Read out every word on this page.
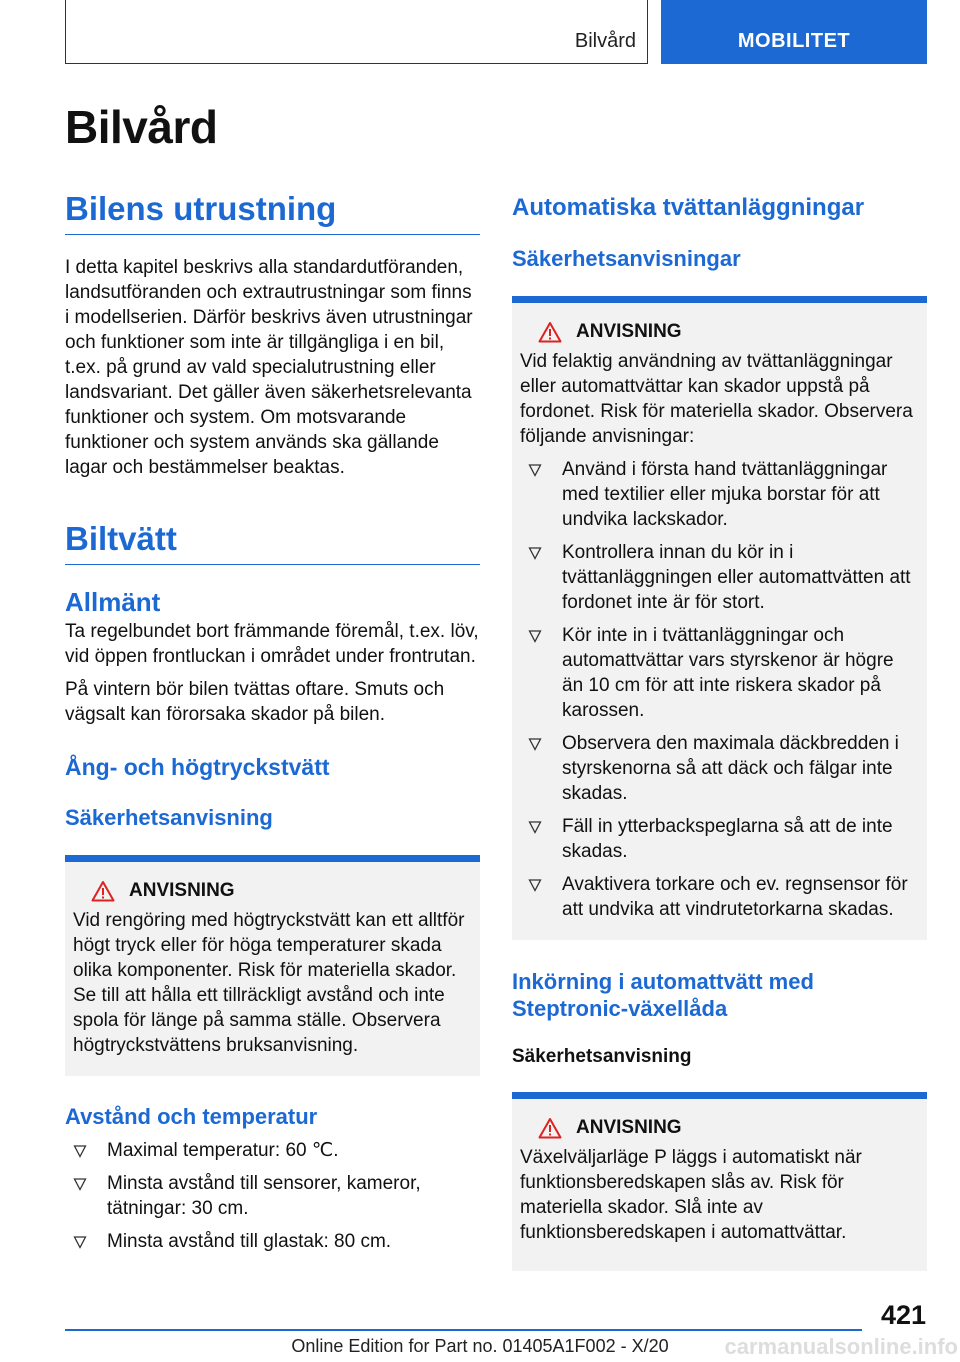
Bilvård	MOBILITET
Bilvård
Bilens utrustning

I detta kapitel beskrivs alla standardutföranden, landsutföranden och extrautrustningar som finns i modellserien. Därför beskrivs även utrustningar och funktioner som inte är tillgängliga i en bil, t.ex. på grund av vald specialutrustning eller landsvariant. Det gäller även säkerhetsrelevanta funktioner och system. Om motsvarande funktioner och system används ska gällande lagar och bestämmelser beaktas.

Biltvätt
Allmänt

Ta regelbundet bort främmande föremål, t.ex. löv, vid öppen frontluckan i området under frontrutan.

På vintern bör bilen tvättas oftare. Smuts och vägsalt kan förorsaka skador på bilen.

Ång- och högtryckstvätt
Säkerhetsanvisning
ANVISNING

Vid rengöring med högtryckstvätt kan ett alltför högt tryck eller för höga temperaturer skada olika komponenter. Risk för materiella skador. Se till att hålla ett tillräckligt avstånd och inte spola för länge på samma ställe. Observera högtryckstvättens bruksanvisning.

Avstånd och temperatur
Maximal temperatur: 60 ℃.
Minsta avstånd till sensorer, kameror, tätningar: 30 cm.
Minsta avstånd till glastak: 80 cm.
Automatiska tvättanläggningar
Säkerhetsanvisningar
ANVISNING

Vid felaktig användning av tvättanläggningar eller automattvättar kan skador uppstå på fordonet. Risk för materiella skador. Observera följande anvisningar:

Använd i första hand tvättanläggningar med textilier eller mjuka borstar för att undvika lackskador.
Kontrollera innan du kör in i tvättanläggningen eller automattvätten att fordonet inte är för stort.
Kör inte in i tvättanläggningar och automattvättar vars styrskenor är högre än 10 cm för att inte riskera skador på karossen.
Observera den maximala däckbredden i styrskenorna så att däck och fälgar inte skadas.
Fäll in ytterbackspeglarna så att de inte skadas.
Avaktivera torkare och ev. regnsensor för att undvika att vindrutetorkarna skadas.
Inkörning i automattvätt med Steptronic-växellåda
Säkerhetsanvisning
ANVISNING

Växelväljarläge P läggs i automatiskt när funktionsberedskapen slås av. Risk för materiella skador. Slå inte av funktionsberedskapen i automattvättar.

421
Online Edition for Part no. 01405A1F002 - X/20	carmanualsonline.info
